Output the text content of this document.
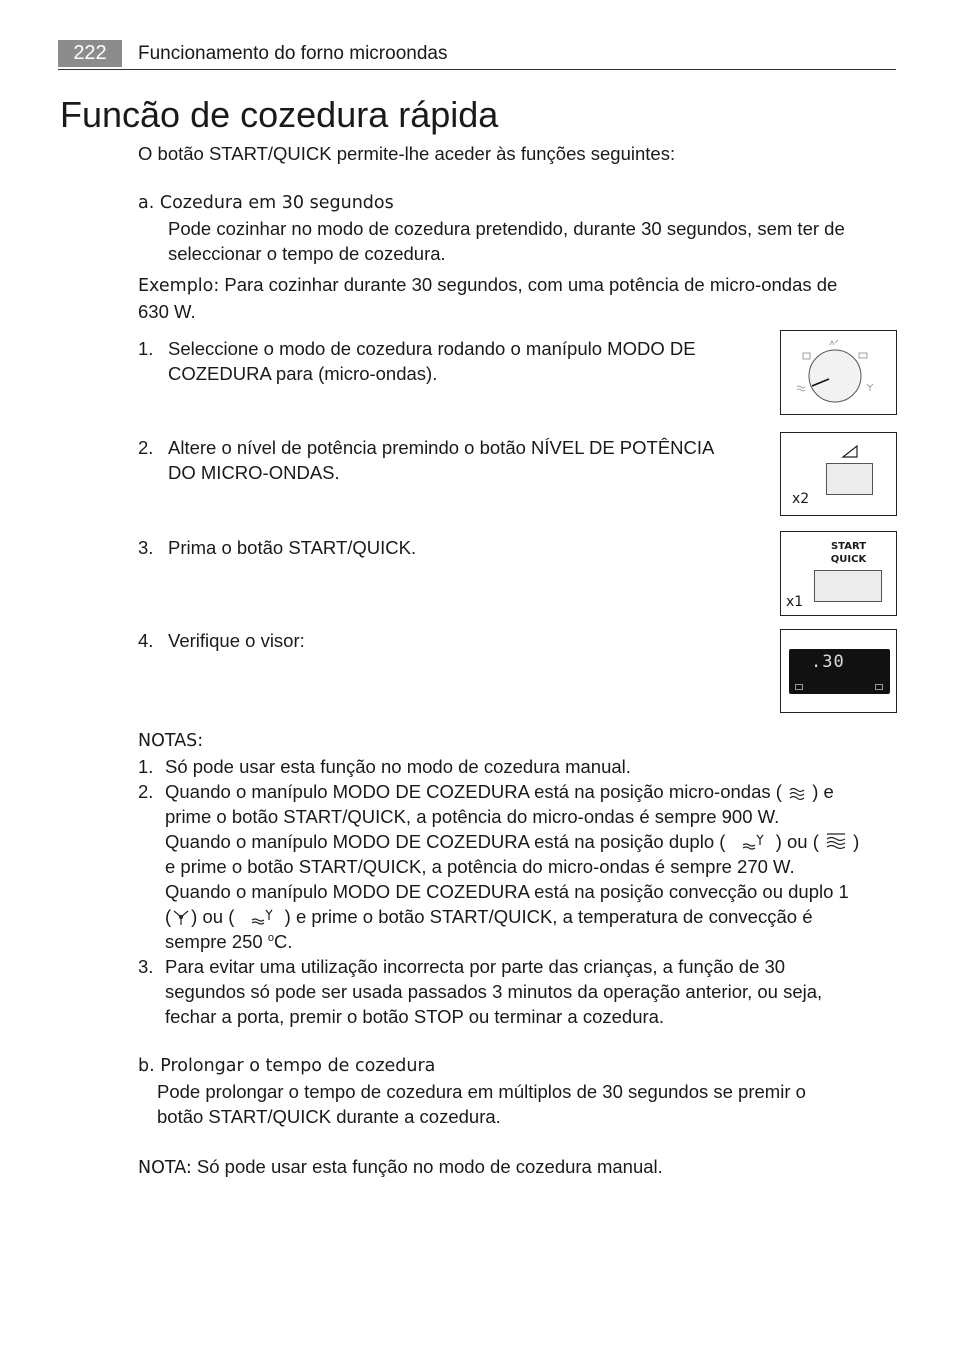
222	Funcionamento do forno microondas
Funcão de cozedura rápida
O botão START/QUICK permite-lhe aceder às funções seguintes:
a. Cozedura em 30 segundos

Pode cozinhar no modo de cozedura pretendido, durante 30 segundos, sem ter de

seleccionar o tempo de cozedura.

Exemplo: Para cozinhar durante 30 segundos, com uma potência de micro-ondas de

630 W.

1. Seleccione o modo de cozedura rodando o manípulo MODO DE

COZEDURA para (micro-ondas).

2. Altere o nível de potência premindo o botão NÍVEL DE POTÊNCIA

DO MICRO-ONDAS.

3. Prima o botão START/QUICK.

4. Verifique o visor:

x2
START
QUICK
x1
.30
NOTAS:
1. Só pode usar esta função no modo de cozedura manual.

2. Quando o manípulo MODO DE COZEDURA está na posição micro-ondas ( ) e

prime o botão START/QUICK, a potência do micro-ondas é sempre 900 W.

Quando o manípulo MODO DE COZEDURA está na posição duplo (	) ou ( )

e prime o botão START/QUICK, a potência do micro-ondas é sempre 270 W.

Quando o manípulo MODO DE COZEDURA está na posição convecção ou duplo 1

( ) ou (	) e prime o botão START/QUICK, a temperatura de convecção é

sempre 250 $^o$C.

3. Para evitar uma utilização incorrecta por parte das crianças, a função de 30

segundos só pode ser usada passados 3 minutos da operação anterior, ou seja,

fechar a porta, premir o botão STOP ou terminar a cozedura.

b. Prolongar o tempo de cozedura

Pode prolongar o tempo de cozedura em múltiplos de 30 segundos se premir o

botão START/QUICK durante a cozedura.

NOTA: Só pode usar esta função no modo de cozedura manual.
